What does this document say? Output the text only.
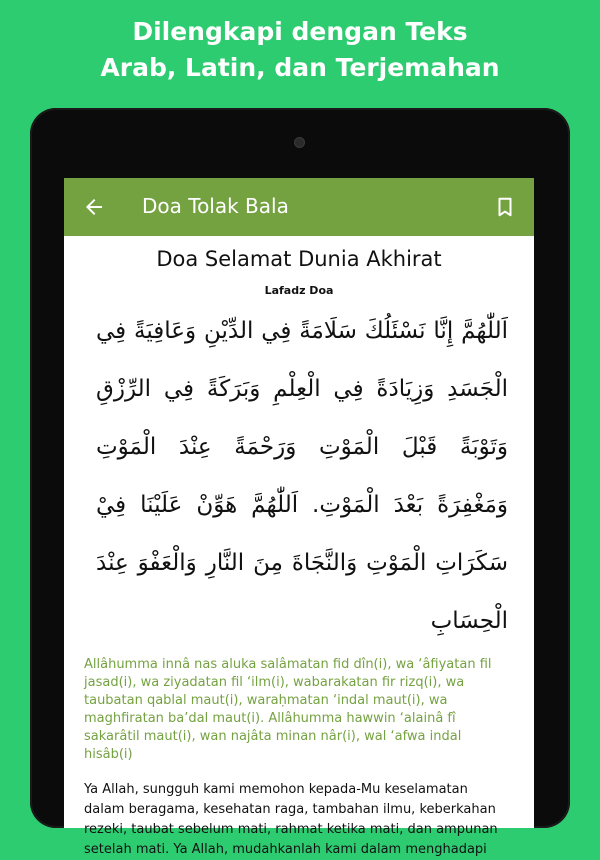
Dilengkapi dengan Teks
Arab, Latin, dan Terjemahan
Doa Tolak Bala
Doa Selamat Dunia Akhirat
Lafadz Doa
اَللّٰهُمَّ إِنَّا نَسْئَلُكَ سَلَامَةً فِي الدِّيْنِ وَعَافِيَةً فِي الْجَسَدِ وَزِيَادَةً فِي الْعِلْمِ وَبَرَكَةً فِي الرِّزْقِ وَتَوْبَةً قَبْلَ الْمَوْتِ وَرَحْمَةً عِنْدَ الْمَوْتِ وَمَغْفِرَةً بَعْدَ الْمَوْتِ. اَللّٰهُمَّ هَوِّنْ عَلَيْنَا فِيْ سَكَرَاتِ الْمَوْتِ وَالنَّجَاةَ مِنَ النَّارِ وَالْعَفْوَ عِنْدَ الْحِسَابِ
Allâhumma innâ nas aluka salâmatan fid dîn(i), wa ‘âfiyatan fil jasad(i), wa ziyadatan fil ‘ilm(i), wabarakatan fir rizq(i), wa taubatan qablal maut(i), waraḥmatan ‘indal maut(i), wa maghfiratan ba’dal maut(i). Allâhumma hawwin ‘alainâ fî sakarâtil maut(i), wan najâta minan nâr(i), wal ‘afwa indal hisâb(i)
Ya Allah, sungguh kami memohon kepada-Mu keselamatan dalam beragama, kesehatan raga, tambahan ilmu, keberkahan rezeki, taubat sebelum mati, rahmat ketika mati, dan ampunan setelah mati. Ya Allah, mudahkanlah kami dalam menghadapi
